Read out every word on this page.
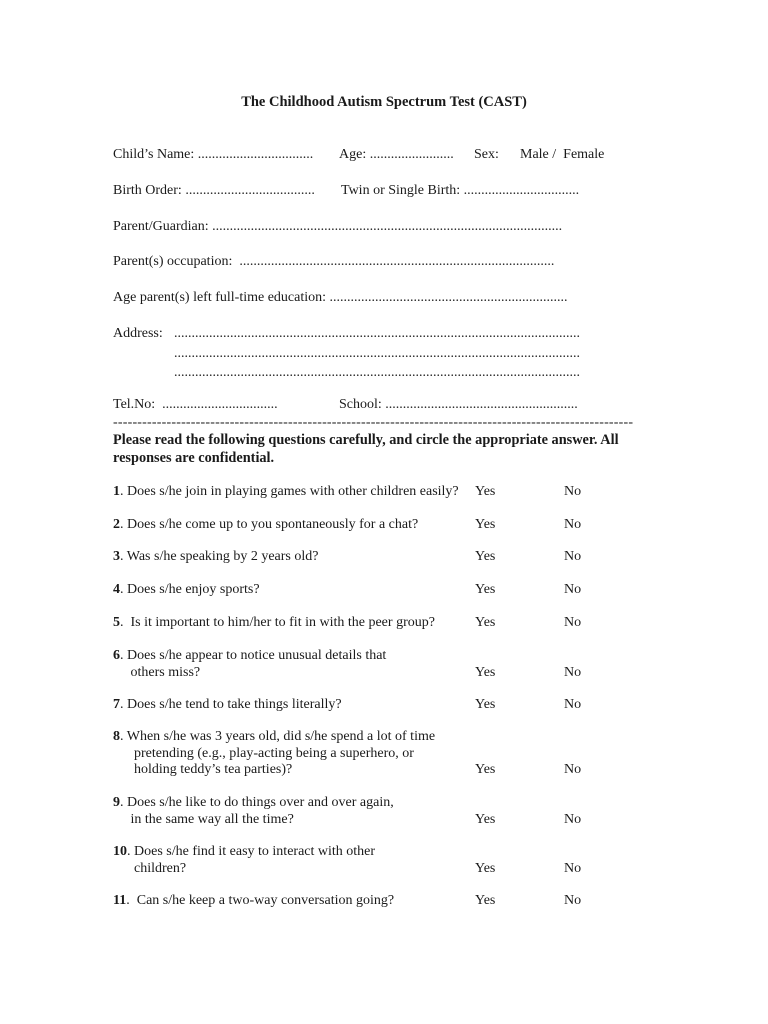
The Childhood Autism Spectrum Test (CAST)
Child’s Name: ................................. Age: ........................ Sex: Male /  Female
Birth Order: ..................................... Twin or Single Birth: .................................
Parent/Guardian: ....................................................................................................
Parent(s) occupation:  ..........................................................................................
Age parent(s) left full-time education: ....................................................................
Address: ....................................................................................................................
....................................................................................................................
....................................................................................................................
Tel.No:  .................................	School: .......................................................
-----------------------------------------------------------------------------------------------------------
Please read the following questions carefully, and circle the appropriate answer. All responses are confidential.
1. Does s/he join in playing games with other children easily? Yes	No
2. Does s/he come up to you spontaneously for a chat?	Yes	No
3. Was s/he speaking by 2 years old?	Yes	No
4. Does s/he enjoy sports?	Yes	No
5.  Is it important to him/her to fit in with the peer group?	Yes	No
6. Does s/he appear to notice unusual details that
others miss?	Yes	No
7. Does s/he tend to take things literally?	Yes	No
8. When s/he was 3 years old, did s/he spend a lot of time
pretending (e.g., play-acting being a superhero, or
holding teddy’s tea parties)?	Yes	No
9. Does s/he like to do things over and over again,
in the same way all the time?	Yes	No
10. Does s/he find it easy to interact with other
children?	Yes	No
11.  Can s/he keep a two-way conversation going?	Yes	No
